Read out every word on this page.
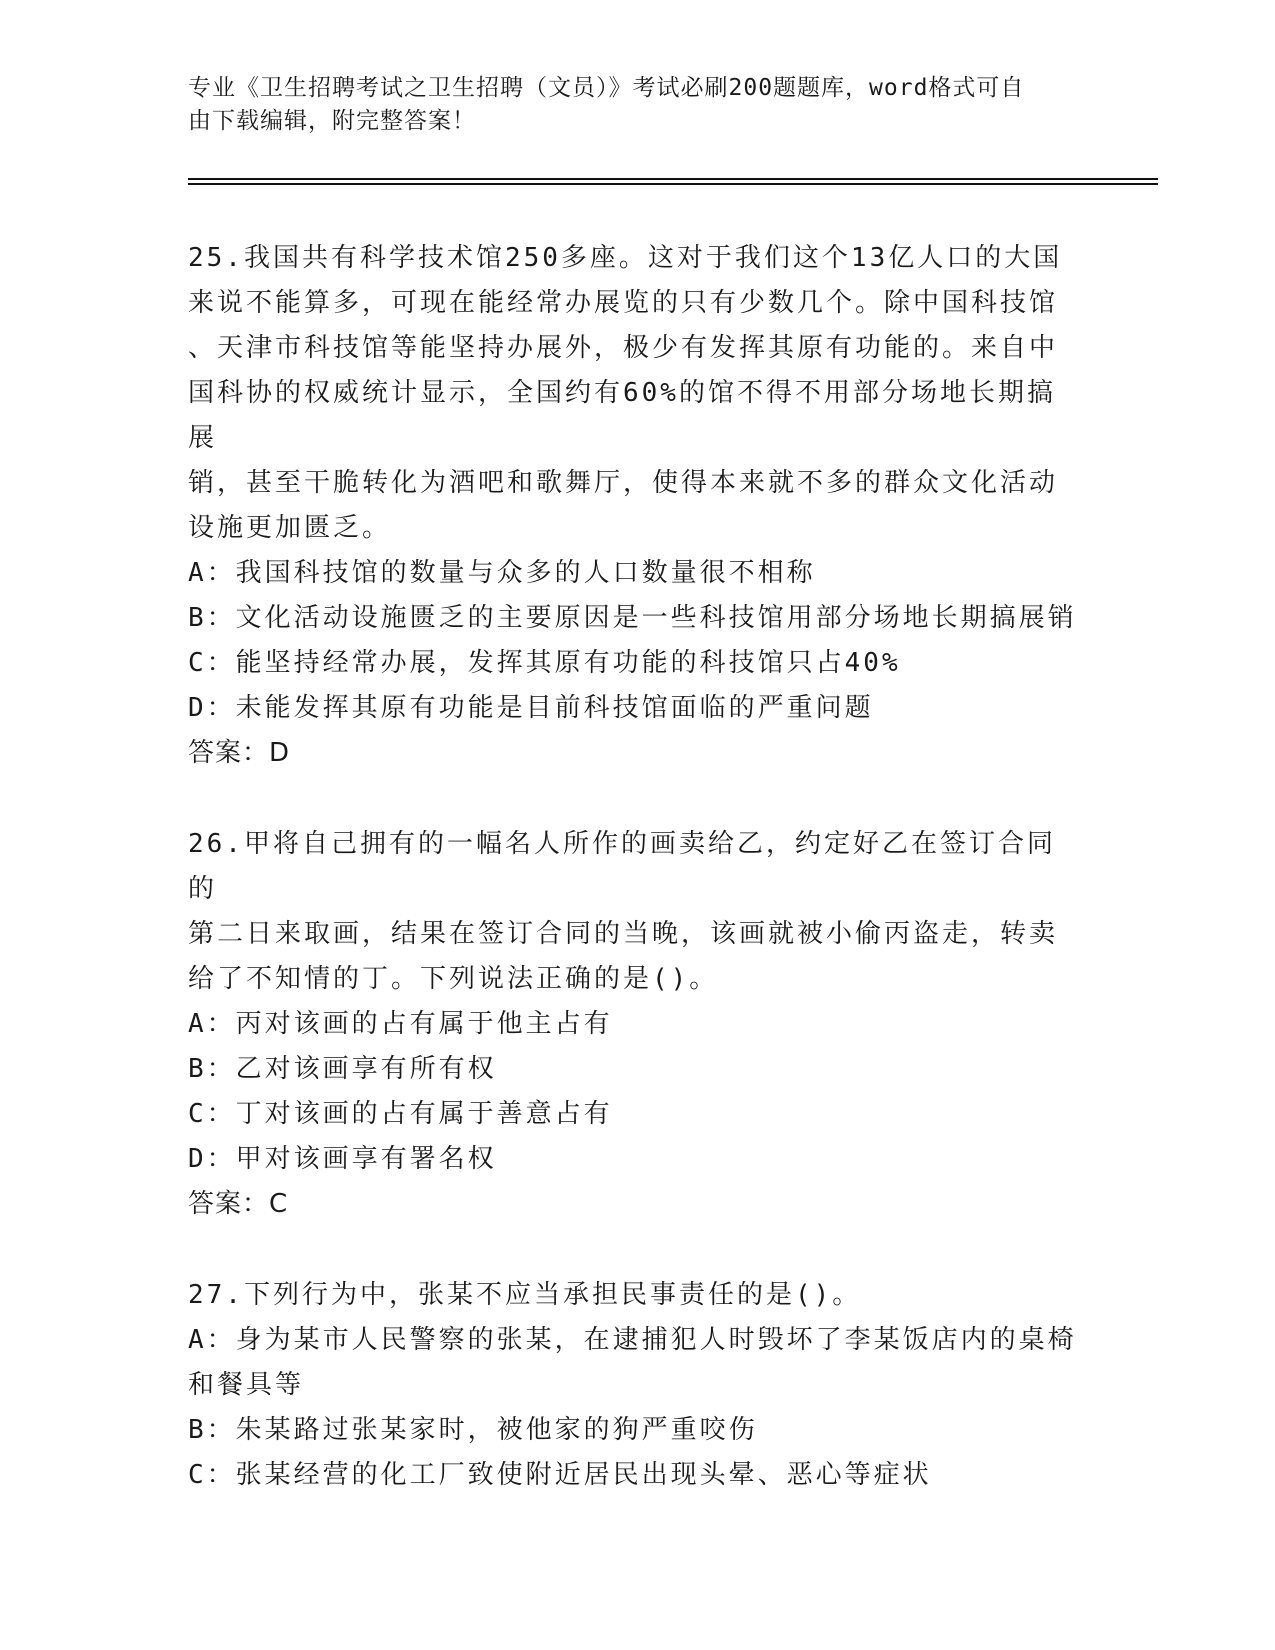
专业《卫生招聘考试之卫生招聘（文员）》考试必刷200题题库，word格式可自
由下载编辑，附完整答案！
25.我国共有科学技术馆250多座。这对于我们这个13亿人口的大国
来说不能算多，可现在能经常办展览的只有少数几个。除中国科技馆
、天津市科技馆等能坚持办展外，极少有发挥其原有功能的。来自中
国科协的权威统计显示，全国约有60%的馆不得不用部分场地长期搞展
销，甚至干脆转化为酒吧和歌舞厅，使得本来就不多的群众文化活动
设施更加匮乏。
A：我国科技馆的数量与众多的人口数量很不相称
B：文化活动设施匮乏的主要原因是一些科技馆用部分场地长期搞展销
C：能坚持经常办展，发挥其原有功能的科技馆只占40%
D：未能发挥其原有功能是目前科技馆面临的严重问题
答案：D
26.甲将自己拥有的一幅名人所作的画卖给乙，约定好乙在签订合同的
第二日来取画，结果在签订合同的当晚，该画就被小偷丙盗走，转卖
给了不知情的丁。下列说法正确的是()。
A：丙对该画的占有属于他主占有
B：乙对该画享有所有权
C：丁对该画的占有属于善意占有
D：甲对该画享有署名权
答案：C
27.下列行为中，张某不应当承担民事责任的是()。
A：身为某市人民警察的张某，在逮捕犯人时毁坏了李某饭店内的桌椅
和餐具等
B：朱某路过张某家时，被他家的狗严重咬伤
C：张某经营的化工厂致使附近居民出现头晕、恶心等症状
